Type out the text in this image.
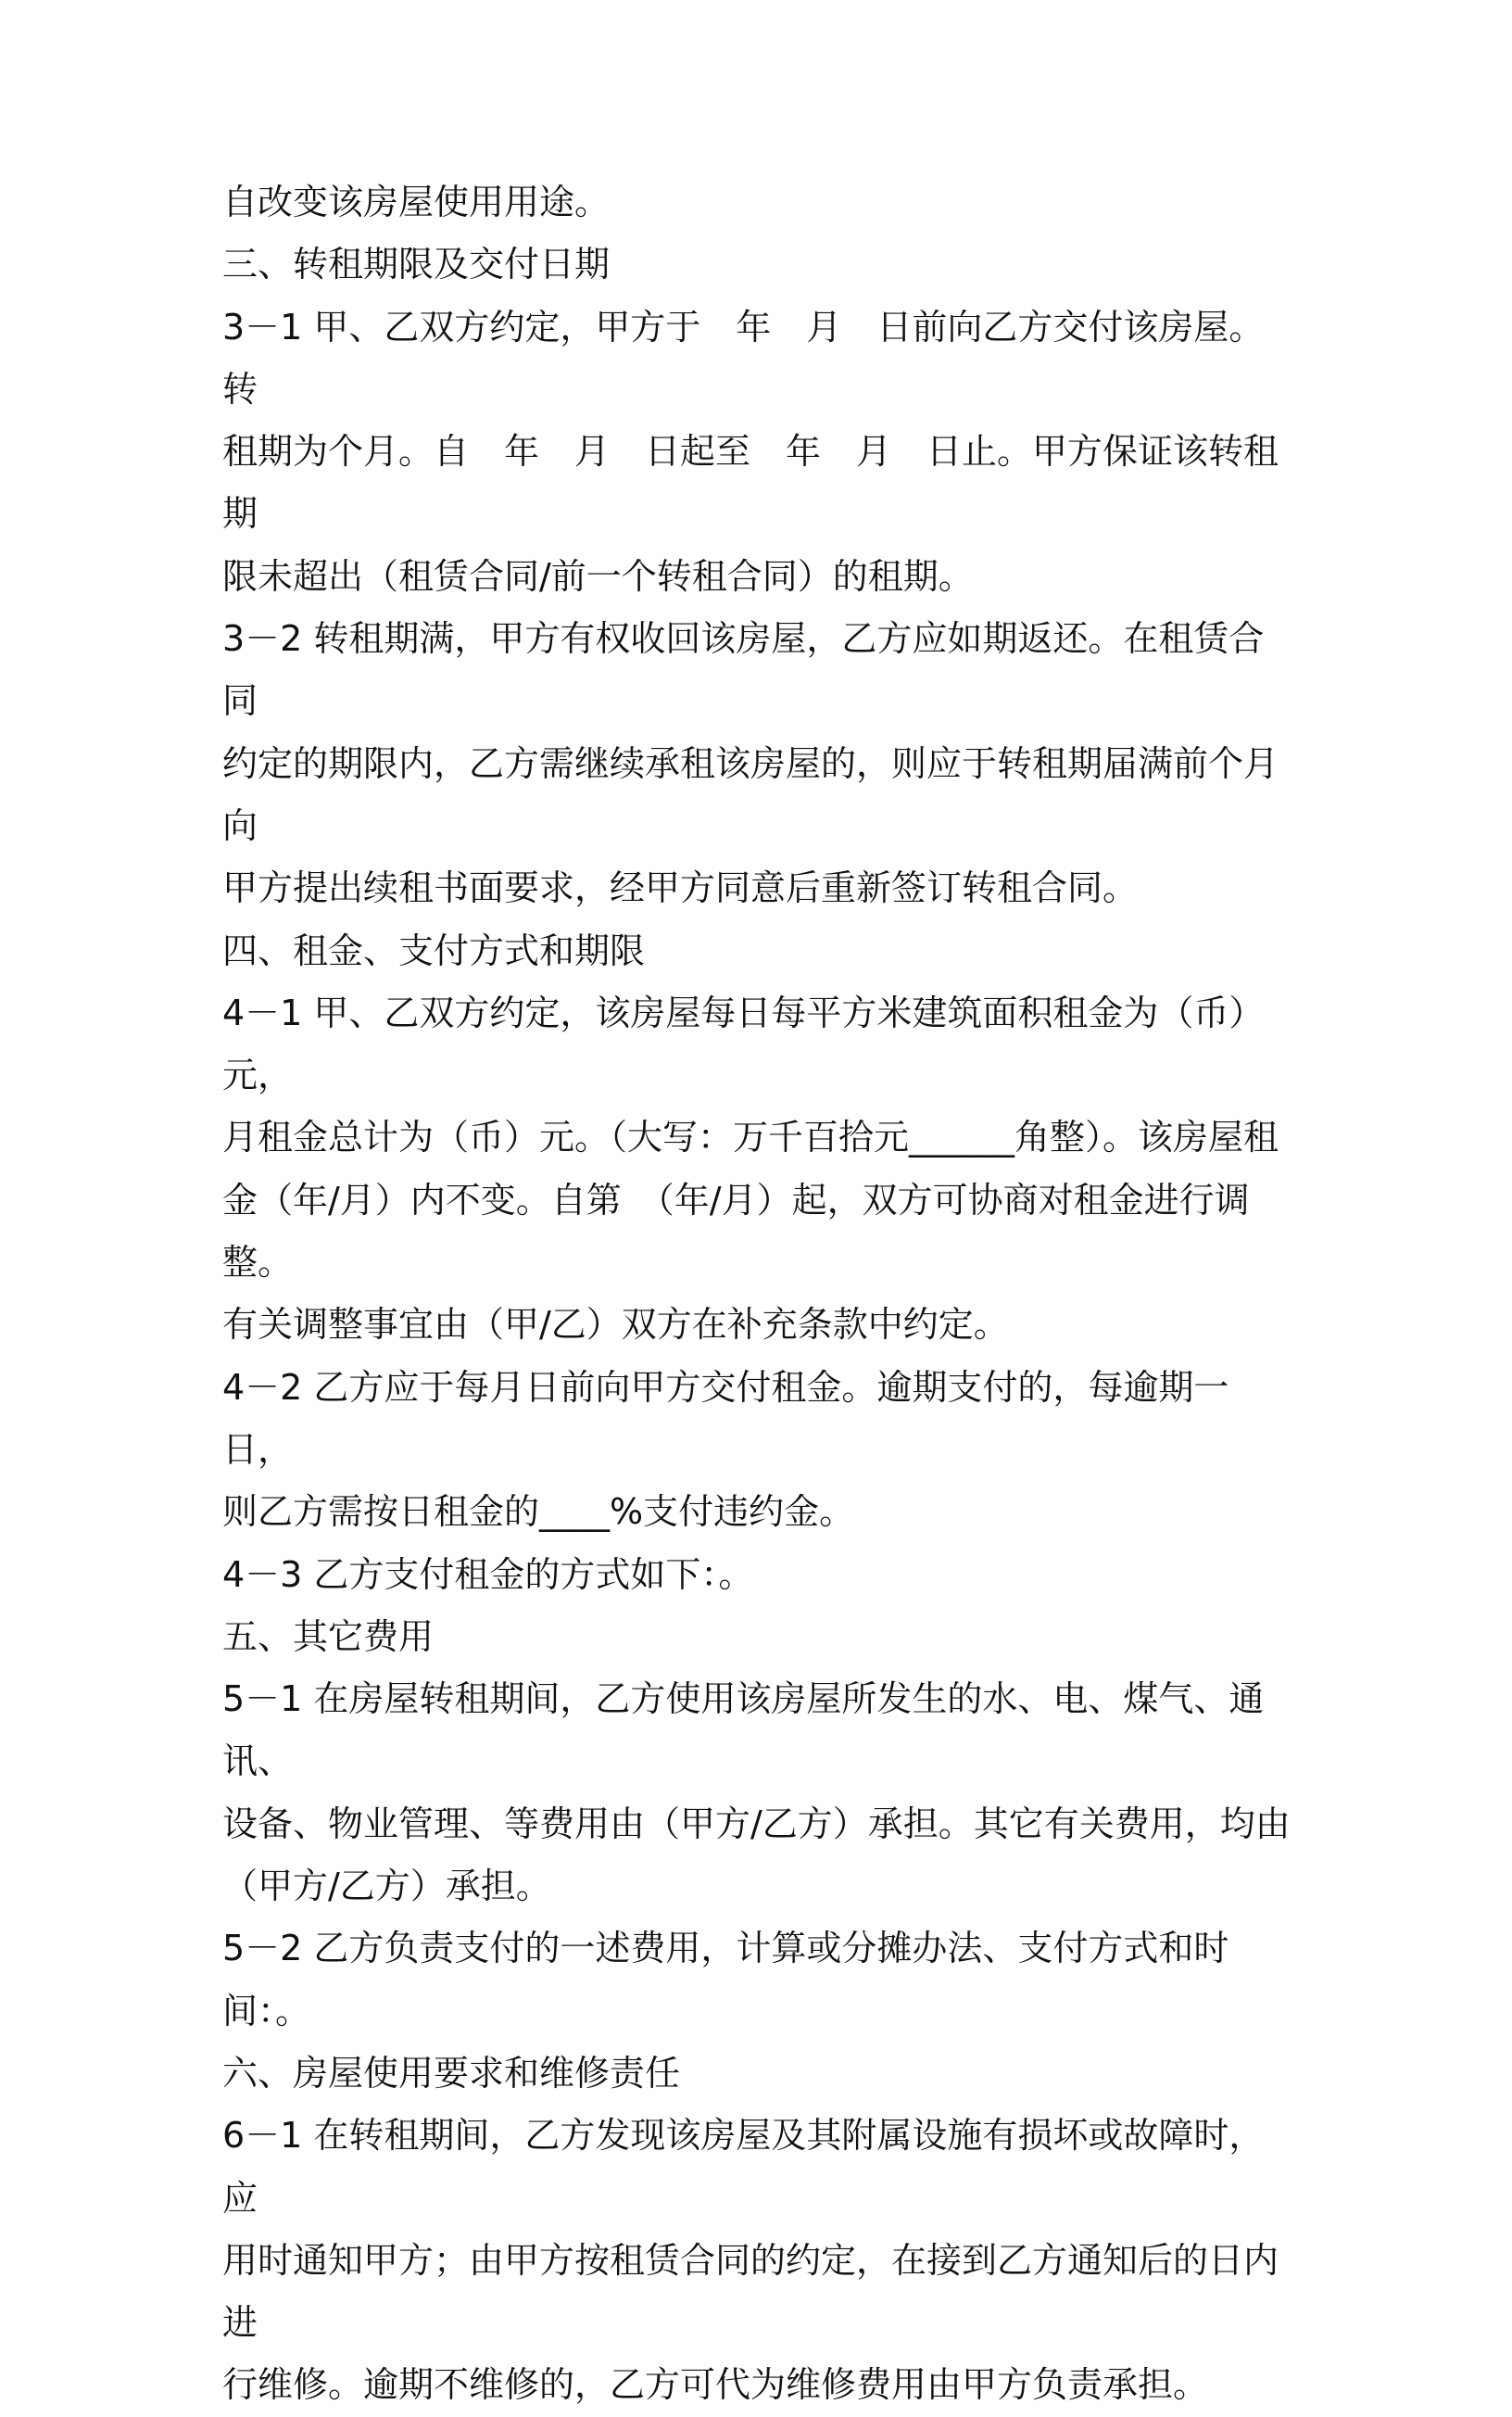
自改变该房屋使用用途。

三、转租期限及交付日期

3－1 甲、乙双方约定，甲方于　年　月　日前向乙方交付该房屋。转

租期为个月。自　年　月　日起至　年　月　日止。甲方保证该转租期

限未超出（租赁合同/前一个转租合同）的租期。

3－2 转租期满，甲方有权收回该房屋，乙方应如期返还。在租赁合同

约定的期限内，乙方需继续承租该房屋的，则应于转租期届满前个月向

甲方提出续租书面要求，经甲方同意后重新签订转租合同。

四、租金、支付方式和期限

4－1 甲、乙双方约定，该房屋每日每平方米建筑面积租金为（币）元，

月租金总计为（币）元。（大写：万千百拾元______角整）。该房屋租

金（年/月）内不变。自第　（年/月）起，双方可协商对租金进行调整。

有关调整事宜由（甲/乙）双方在补充条款中约定。

4－2 乙方应于每月日前向甲方交付租金。逾期支付的，每逾期一日，

则乙方需按日租金的____%支付违约金。

4－3 乙方支付租金的方式如下：。

五、其它费用

5－1 在房屋转租期间，乙方使用该房屋所发生的水、电、煤气、通讯、

设备、物业管理、等费用由（甲方/乙方）承担。其它有关费用，均由

（甲方/乙方）承担。

5－2 乙方负责支付的一述费用，计算或分摊办法、支付方式和时间：。

六、房屋使用要求和维修责任

6－1 在转租期间，乙方发现该房屋及其附属设施有损坏或故障时，应

用时通知甲方；由甲方按租赁合同的约定，在接到乙方通知后的日内进

行维修。逾期不维修的，乙方可代为维修费用由甲方负责承担。
